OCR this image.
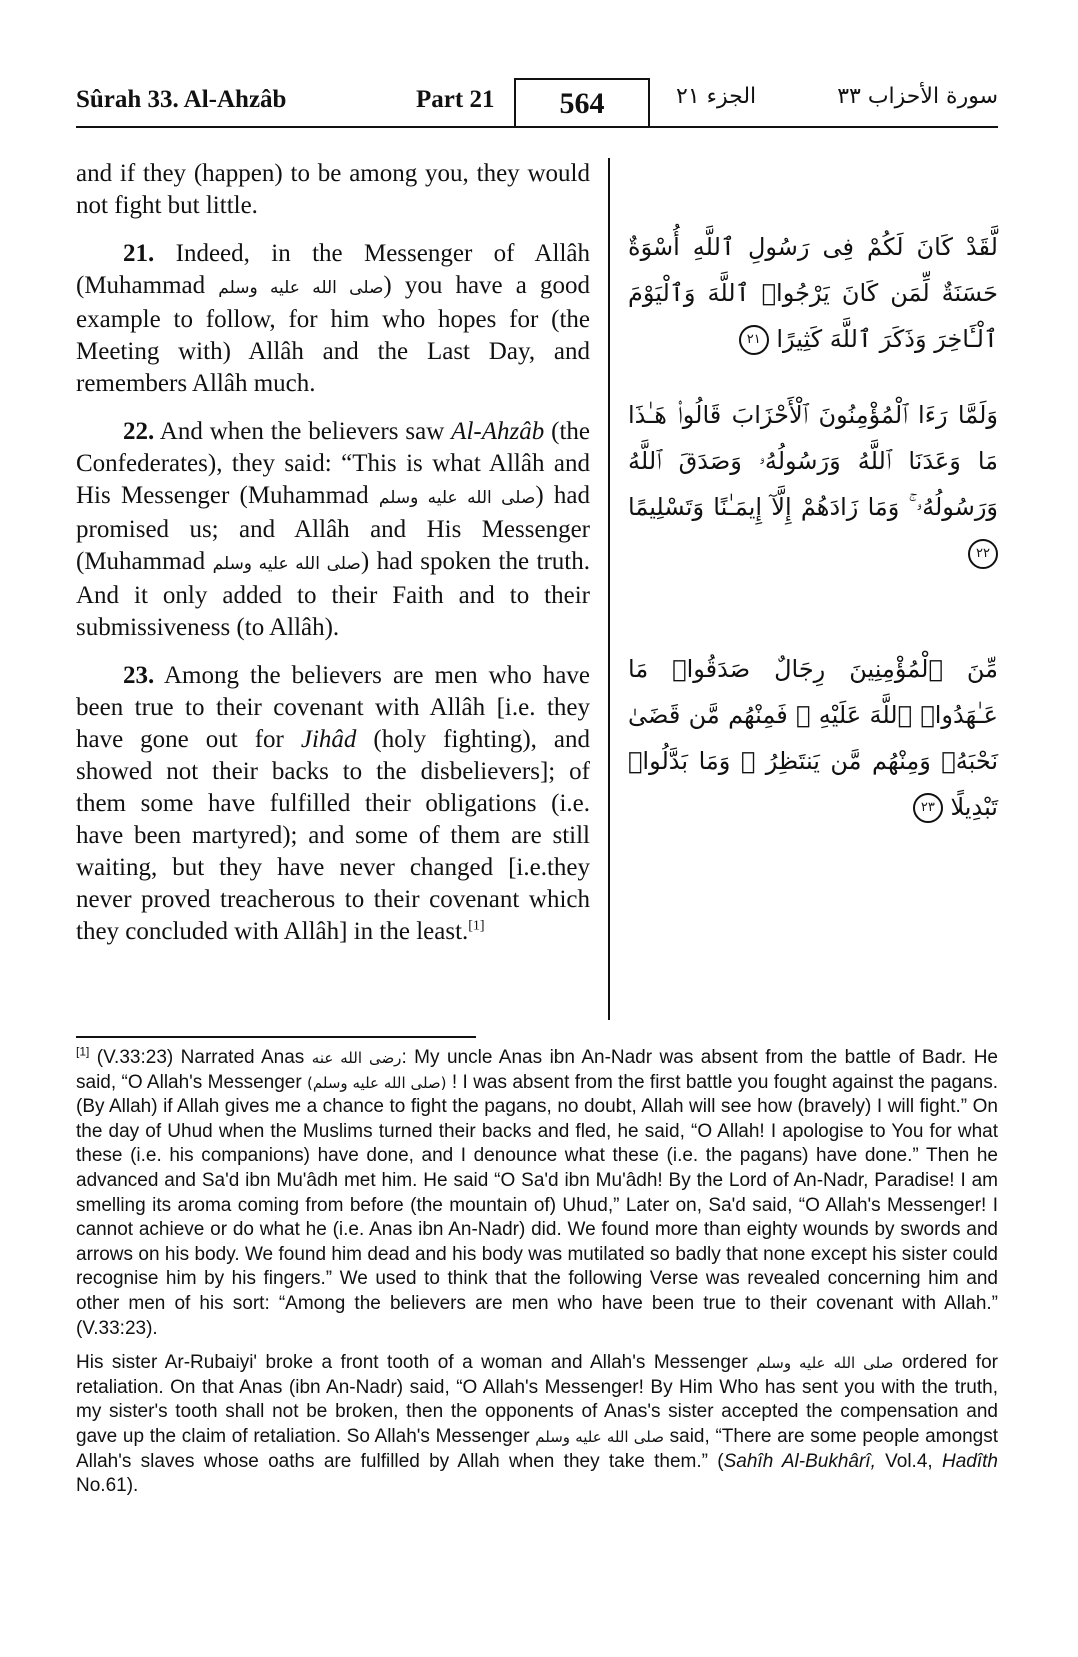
Sûrah 33. Al-Ahzâb	Part 21	564	الجزء ٢١	سورة الأحزاب ٣٣

and if they (happen) to be among you, they would not fight but little.

21. Indeed, in the Messenger of Allâh (Muhammad صلى الله عليه وسلم) you have a good example to follow, for him who hopes for (the Meeting with) Allâh and the Last Day, and remembers Allâh much.

22. And when the believers saw Al-Ahzâb (the Confederates), they said: “This is what Allâh and His Messenger (Muhammad صلى الله عليه وسلم) had promised us; and Allâh and His Messenger (Muhammad صلى الله عليه وسلم) had spoken the truth. And it only added to their Faith and to their submissiveness (to Allâh).

23. Among the believers are men who have been true to their covenant with Allâh [i.e. they have gone out for Jihâd (holy fighting), and showed not their backs to the disbelievers]; of them some have fulfilled their obligations (i.e. have been martyred); and some of them are still waiting, but they have never changed [i.e.they never proved treacherous to their covenant which they concluded with Allâh] in the least.[1]

لَّقَدْ كَانَ لَكُمْ فِى رَسُولِ ٱللَّهِ أُسْوَةٌ حَسَنَةٌ لِّمَن كَانَ يَرْجُوا۟ ٱللَّهَ وَٱلْيَوْمَ ٱلْـَٔاخِرَ وَذَكَرَ ٱللَّهَ كَثِيرًا ٢١
وَلَمَّا رَءَا ٱلْمُؤْمِنُونَ ٱلْأَحْزَابَ قَالُوا۟ هَـٰذَا مَا وَعَدَنَا ٱللَّهُ وَرَسُولُهُۥ وَصَدَقَ ٱللَّهُ وَرَسُولُهُۥ ۚ وَمَا زَادَهُمْ إِلَّآ إِيمَـٰنًا وَتَسْلِيمًا ٢٢
مِّنَ ٱلْمُؤْمِنِينَ رِجَالٌ صَدَقُوا۟ مَا عَـٰهَدُوا۟ ٱللَّهَ عَلَيْهِ ۖ فَمِنْهُم مَّن قَضَىٰ نَحْبَهُۥ وَمِنْهُم مَّن يَنتَظِرُ ۖ وَمَا بَدَّلُوا۟ تَبْدِيلًا ٢٣

[1] (V.33:23) Narrated Anas رضى الله عنه: My uncle Anas ibn An-Nadr was absent from the battle of Badr. He said, “O Allah's Messenger (صلى الله عليه وسلم) ! I was absent from the first battle you fought against the pagans. (By Allah) if Allah gives me a chance to fight the pagans, no doubt, Allah will see how (bravely) I will fight.” On the day of Uhud when the Muslims turned their backs and fled, he said, “O Allah! I apologise to You for what these (i.e. his companions) have done, and I denounce what these (i.e. the pagans) have done.” Then he advanced and Sa'd ibn Mu'âdh met him. He said “O Sa'd ibn Mu'âdh! By the Lord of An-Nadr, Paradise! I am smelling its aroma coming from before (the mountain of) Uhud,” Later on, Sa'd said, “O Allah's Messenger! I cannot achieve or do what he (i.e. Anas ibn An-Nadr) did. We found more than eighty wounds by swords and arrows on his body. We found him dead and his body was mutilated so badly that none except his sister could recognise him by his fingers.” We used to think that the following Verse was revealed concerning him and other men of his sort: “Among the believers are men who have been true to their covenant with Allah.” (V.33:23).

His sister Ar-Rubaiyi' broke a front tooth of a woman and Allah's Messenger صلى الله عليه وسلم ordered for retaliation. On that Anas (ibn An-Nadr) said, “O Allah's Messenger! By Him Who has sent you with the truth, my sister's tooth shall not be broken, then the opponents of Anas's sister accepted the compensation and gave up the claim of retaliation. So Allah's Messenger صلى الله عليه وسلم said, “There are some people amongst Allah's slaves whose oaths are fulfilled by Allah when they take them.” (Sahîh Al-Bukhârî, Vol.4, Hadîth No.61).
